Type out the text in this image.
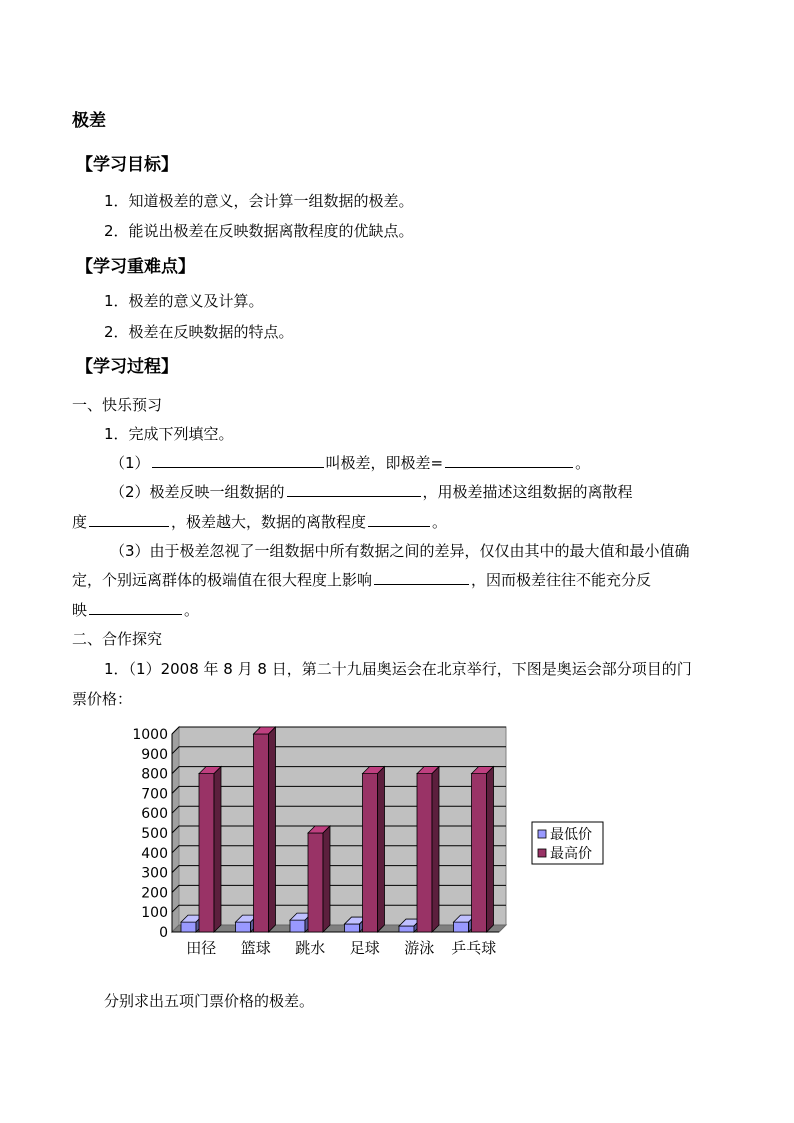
极差
【学习目标】
1．知道极差的意义，会计算一组数据的极差。
2．能说出极差在反映数据离散程度的优缺点。
【学习重难点】
1．极差的意义及计算。
2．极差在反映数据的特点。
【学习过程】
一、快乐预习
1．完成下列填空。
（1）	叫极差，即极差=	。
（2）极差反映一组数据的	，用极差描述这组数据的离散程
度	，极差越大，数据的离散程度	。
（3）由于极差忽视了一组数据中所有数据之间的差异，仅仅由其中的最大值和最小值确
定，个别远离群体的极端值在很大程度上影响	，因而极差往往不能充分反
映	。
二、合作探究
1．（1）2008 年 8 月 8 日，第二十九届奥运会在北京举行，下图是奥运会部分项目的门
票价格：
0
100
200
300
400
500
600
700
800
900
1000
田径 篮球 跳水 足球 游泳 乒乓球
最低价
最高价
分别求出五项门票价格的极差。
